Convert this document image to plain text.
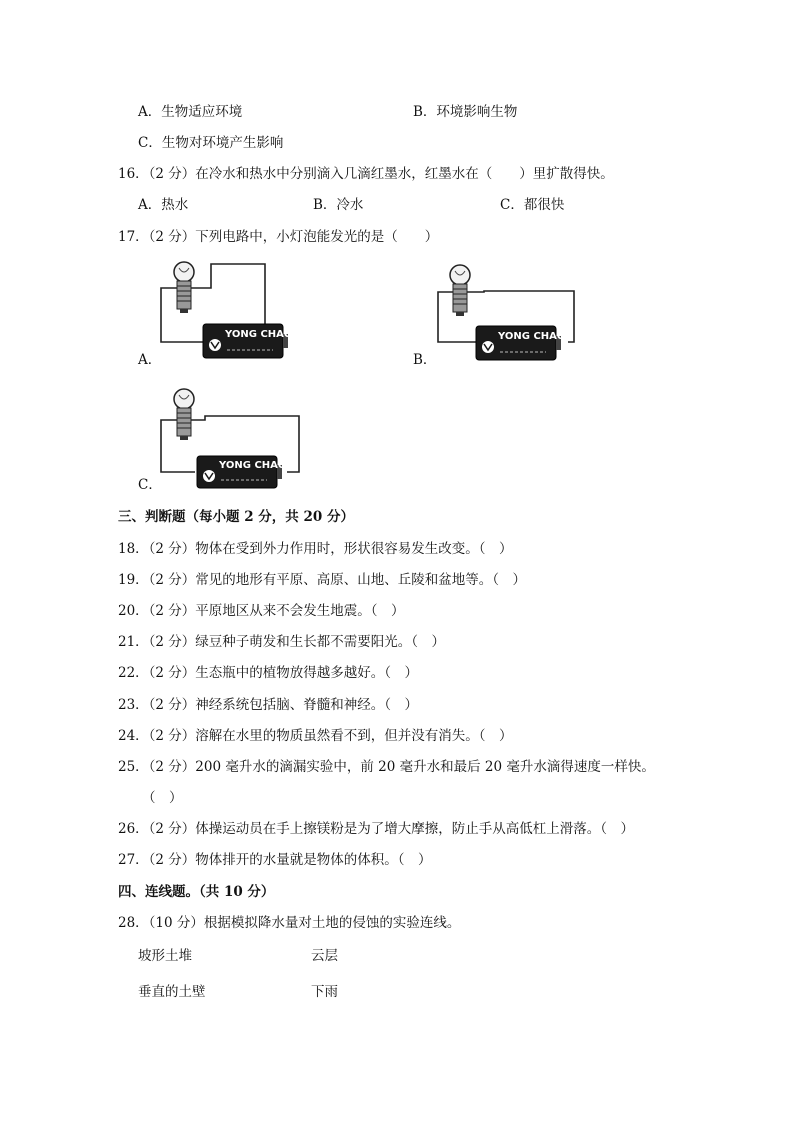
A．生物适应环境	B．环境影响生物
C．生物对环境产生影响
16．（2 分）在冷水和热水中分别滴入几滴红墨水，红墨水在（　　）里扩散得快。
A．热水	B．冷水	C．都很快
17．（2 分）下列电路中，小灯泡能发光的是（　　）
A．
YONG CHAO
B．
YONG CHAO
C．
YONG CHAO
三、判断题（每小题 2 分，共 20 分）
18．（2 分）物体在受到外力作用时，形状很容易发生改变。（　）
19．（2 分）常见的地形有平原、高原、山地、丘陵和盆地等。（　）
20．（2 分）平原地区从来不会发生地震。（　）
21．（2 分）绿豆种子萌发和生长都不需要阳光。（　）
22．（2 分）生态瓶中的植物放得越多越好。（　）
23．（2 分）神经系统包括脑、脊髓和神经。（　）
24．（2 分）溶解在水里的物质虽然看不到，但并没有消失。（　）
25．（2 分）200 毫升水的滴漏实验中，前 20 毫升水和最后 20 毫升水滴得速度一样快。
（　）
26．（2 分）体操运动员在手上擦镁粉是为了增大摩擦，防止手从高低杠上滑落。（　）
27．（2 分）物体排开的水量就是物体的体积。（　）
四、连线题。（共 10 分）
28．（10 分）根据模拟降水量对土地的侵蚀的实验连线。
坡形土堆	云层
垂直的土壁	下雨
